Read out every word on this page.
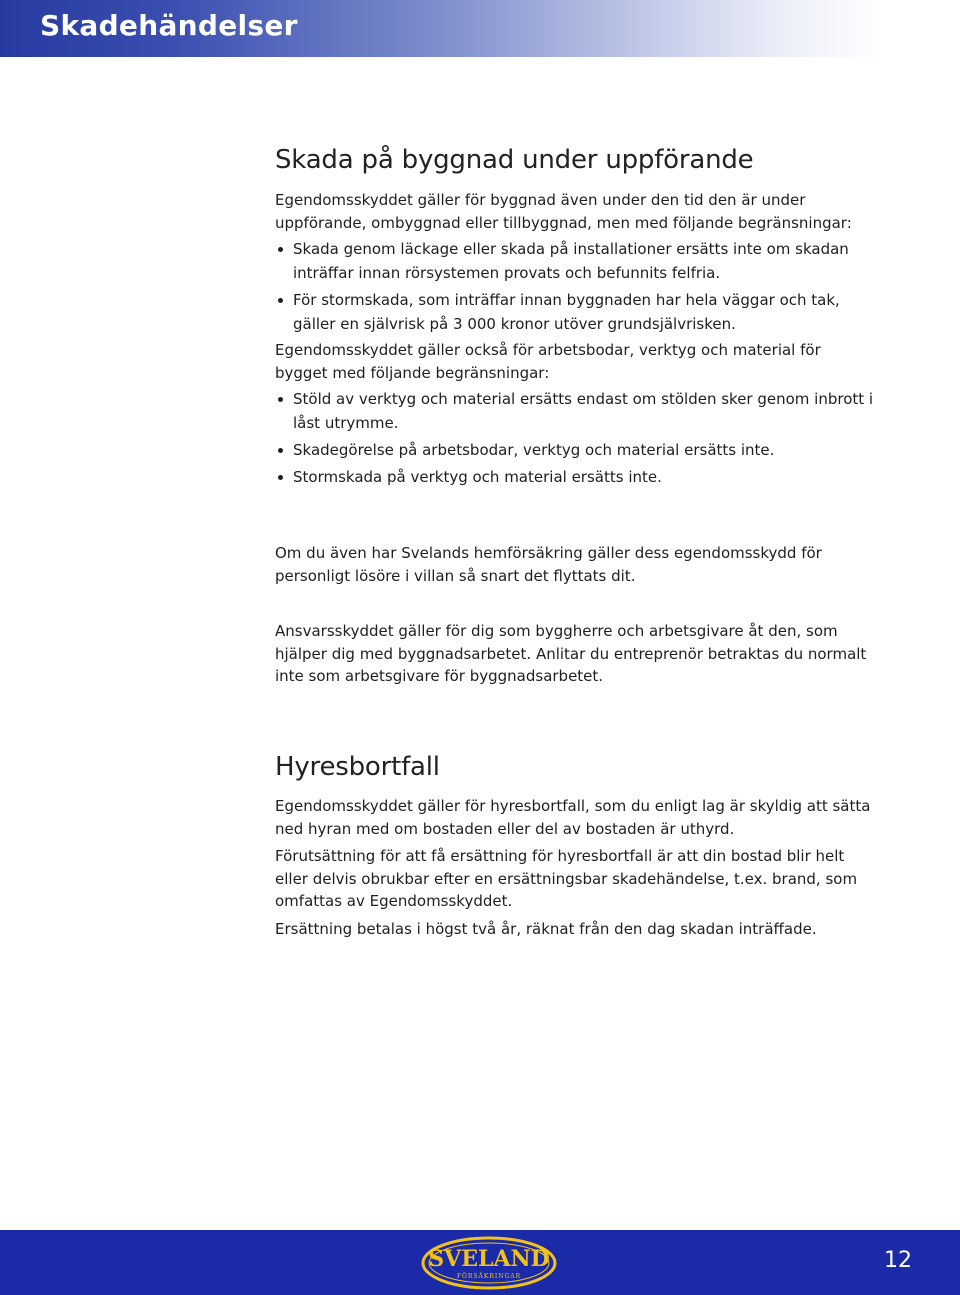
Skadehändelser
Skada på byggnad under uppförande

Egendomsskyddet gäller för byggnad även under den tid den är under uppförande, ombyggnad eller tillbyggnad, men med följande begränsningar:

Skada genom läckage eller skada på installationer ersätts inte om skadan inträffar innan rörsystemen provats och befunnits felfria.
För stormskada, som inträffar innan byggnaden har hela väggar och tak, gäller en självrisk på 3 000 kronor utöver grundsjälvrisken.

Egendomsskyddet gäller också för arbetsbodar, verktyg och material för bygget med följande begränsningar:

Stöld av verktyg och material ersätts endast om stölden sker genom inbrott i låst utrymme.
Skadegörelse på arbetsbodar, verktyg och material ersätts inte.
Stormskada på verktyg och material ersätts inte.

Om du även har Svelands hemförsäkring gäller dess egendomsskydd för personligt lösöre i villan så snart det flyttats dit.

Ansvarsskyddet gäller för dig som byggherre och arbetsgivare åt den, som hjälper dig med byggnadsarbetet. Anlitar du entreprenör betraktas du normalt inte som arbetsgivare för byggnadsarbetet.

Hyresbortfall

Egendomsskyddet gäller för hyresbortfall, som du enligt lag är skyldig att sätta ned hyran med om bostaden eller del av bostaden är uthyrd.

Förutsättning för att få ersättning för hyresbortfall är att din bostad blir helt eller delvis obrukbar efter en ersättningsbar skadehändelse, t.ex. brand, som omfattas av Egendomsskyddet.

Ersättning betalas i högst två år, räknat från den dag skadan inträffade.

SVELAND
FÖRSÄKRINGAR
12
